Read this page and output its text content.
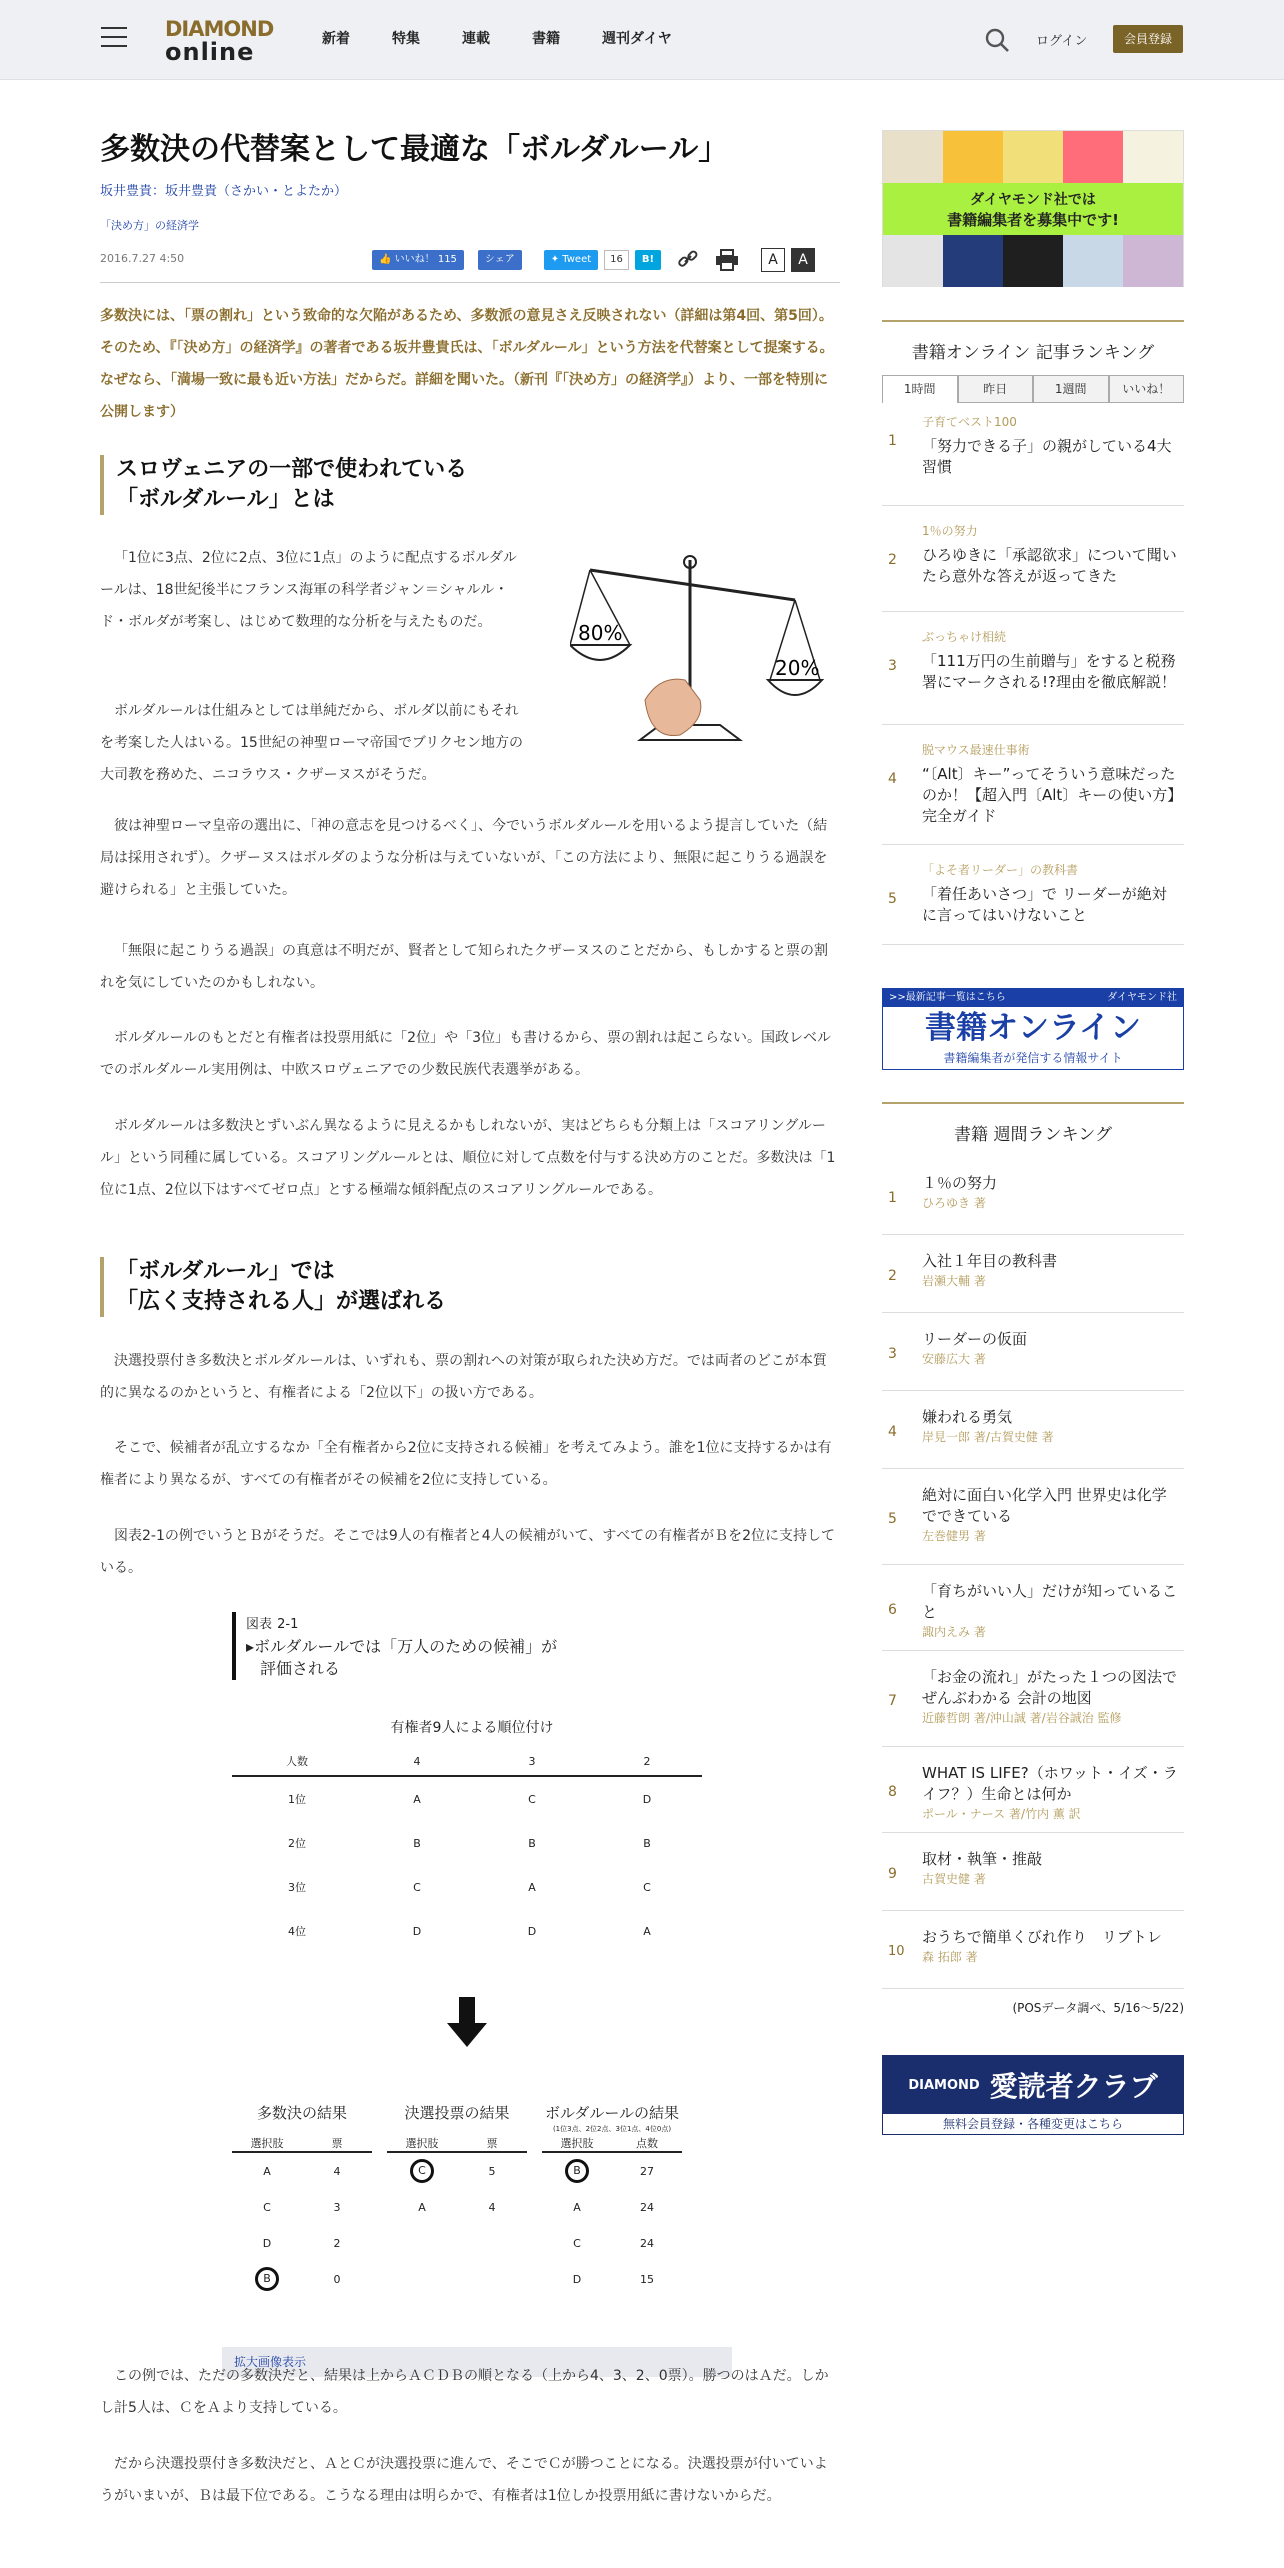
DIAMOND
online	新着	特集	連載	書籍	週刊ダイヤ	ログイン	会員登録
多数決の代替案として最適な「ボルダルール」
坂井豊貴：坂井豊貴（さかい・とよたか）
「決め方」の経済学
2016.7.27 4:50	👍 いいね！ 115	シェア	✦ Tweet	16	B!	A	A
多数決には、「票の割れ」という致命的な欠陥があるため、多数派の意見さえ反映されない（詳細は第4回、第5回）。そのため、『「決め方」の経済学』の著者である坂井豊貴氏は、「ボルダルール」という方法を代替案として提案する。なぜなら、「満場一致に最も近い方法」だからだ。詳細を聞いた。（新刊『「決め方」の経済学』）より、一部を特別に公開します）
スロヴェニアの一部で使われている
「ボルダルール」とは
「1位に3点、2位に2点、3位に1点」のように配点するボルダルールは、18世紀後半にフランス海軍の科学者ジャン＝シャルル・ド・ボルダが考案し、はじめて数理的な分析を与えたものだ。	80%
20%
ボルダルールは仕組みとしては単純だから、ボルダ以前にもそれを考案した人はいる。15世紀の神聖ローマ帝国でブリクセン地方の大司教を務めた、ニコラウス・クザーヌスがそうだ。
彼は神聖ローマ皇帝の選出に、「神の意志を見つけるべく」、今でいうボルダルールを用いるよう提言していた（結局は採用されず）。クザーヌスはボルダのような分析は与えていないが、「この方法により、無限に起こりうる過誤を避けられる」と主張していた。
「無限に起こりうる過誤」の真意は不明だが、賢者として知られたクザーヌスのことだから、もしかすると票の割れを気にしていたのかもしれない。
ボルダルールのもとだと有権者は投票用紙に「2位」や「3位」も書けるから、票の割れは起こらない。国政レベルでのボルダルール実用例は、中欧スロヴェニアでの少数民族代表選挙がある。
ボルダルールは多数決とずいぶん異なるように見えるかもしれないが、実はどちらも分類上は「スコアリングルール」という同種に属している。スコアリングルールとは、順位に対して点数を付与する決め方のことだ。多数決は「1位に1点、2位以下はすべてゼロ点」とする極端な傾斜配点のスコアリングルールである。
「ボルダルール」では
「広く支持される人」が選ばれる
決選投票付き多数決とボルダルールは、いずれも、票の割れへの対策が取られた決め方だ。では両者のどこが本質的に異なるのかというと、有権者による「2位以下」の扱い方である。
そこで、候補者が乱立するなか「全有権者から2位に支持される候補」を考えてみよう。誰を1位に支持するかは有権者により異なるが、すべての有権者がその候補を2位に支持している。
図表2-1の例でいうとＢがそうだ。そこでは9人の有権者と4人の候補がいて、すべての有権者がＢを2位に支持している。
図表 2-1
▸ボルダルールでは「万人のための候補」が
評価される
有権者9人による順位付け
人数	4	3	2
1位	A	C	D
2位	B	B	B
3位	C	A	C
4位	D	D	A
多数決の結果
選択肢	票
A	4
C	3
D	2
B	0
決選投票の結果
選択肢	票
C	5
A	4
ボルダルールの結果
(1位3点、2位2点、3位1点、4位0点)
選択肢	点数
B	27
A	24
C	24
D	15
拡大画像表示
この例では、ただの多数決だと、結果は上からＡＣＤＢの順となる（上から4、3、2、0票）。勝つのはＡだ。しかし計5人は、ＣをＡより支持している。
だから決選投票付き多数決だと、ＡとＣが決選投票に進んで、そこでＣが勝つことになる。決選投票が付いていようがいまいが、Ｂは最下位である。こうなる理由は明らかで、有権者は1位しか投票用紙に書けないからだ。
ダイヤモンド社では
書籍編集者を募集中です!
書籍オンライン 記事ランキング
1時間	昨日	1週間	いいね！
1
子育てベスト100
「努力できる子」の親がしている4大習慣
2
1％の努力
ひろゆきに「承認欲求」について聞いたら意外な答えが返ってきた
3
ぶっちゃけ相続
「111万円の生前贈与」をすると税務署にマークされる!?理由を徹底解説！
4
脱マウス最速仕事術
“〔Alt〕キー”ってそういう意味だったのか！【超入門〔Alt〕キーの使い方】完全ガイド
5
「よそ者リーダー」の教科書
「着任あいさつ」で リーダーが絶対に言ってはいけないこと
>>最新記事一覧はこちら	ダイヤモンド社
書籍オンライン
書籍編集者が発信する情報サイト
書籍 週間ランキング
1
１％の努力
ひろゆき 著
2
入社１年目の教科書
岩瀬大輔 著
3
リーダーの仮面
安藤広大 著
4
嫌われる勇気
岸見一郎 著/古賀史健 著
5
絶対に面白い化学入門 世界史は化学でできている
左巻健男 著
6
「育ちがいい人」だけが知っていること
諏内えみ 著
7
「お金の流れ」がたった１つの図法でぜんぶわかる 会計の地図
近藤哲朗 著/沖山誠 著/岩谷誠治 監修
8
WHAT IS LIFE?（ホワット・イズ・ライフ？）生命とは何か
ポール・ナース 著/竹内 薫 訳
9
取材・執筆・推敲
古賀史健 著
10
おうちで簡単くびれ作り　リブトレ
森 拓郎 著
(POSデータ調べ、5/16～5/22)
DIAMOND 愛読者クラブ
無料会員登録・各種変更はこちら
